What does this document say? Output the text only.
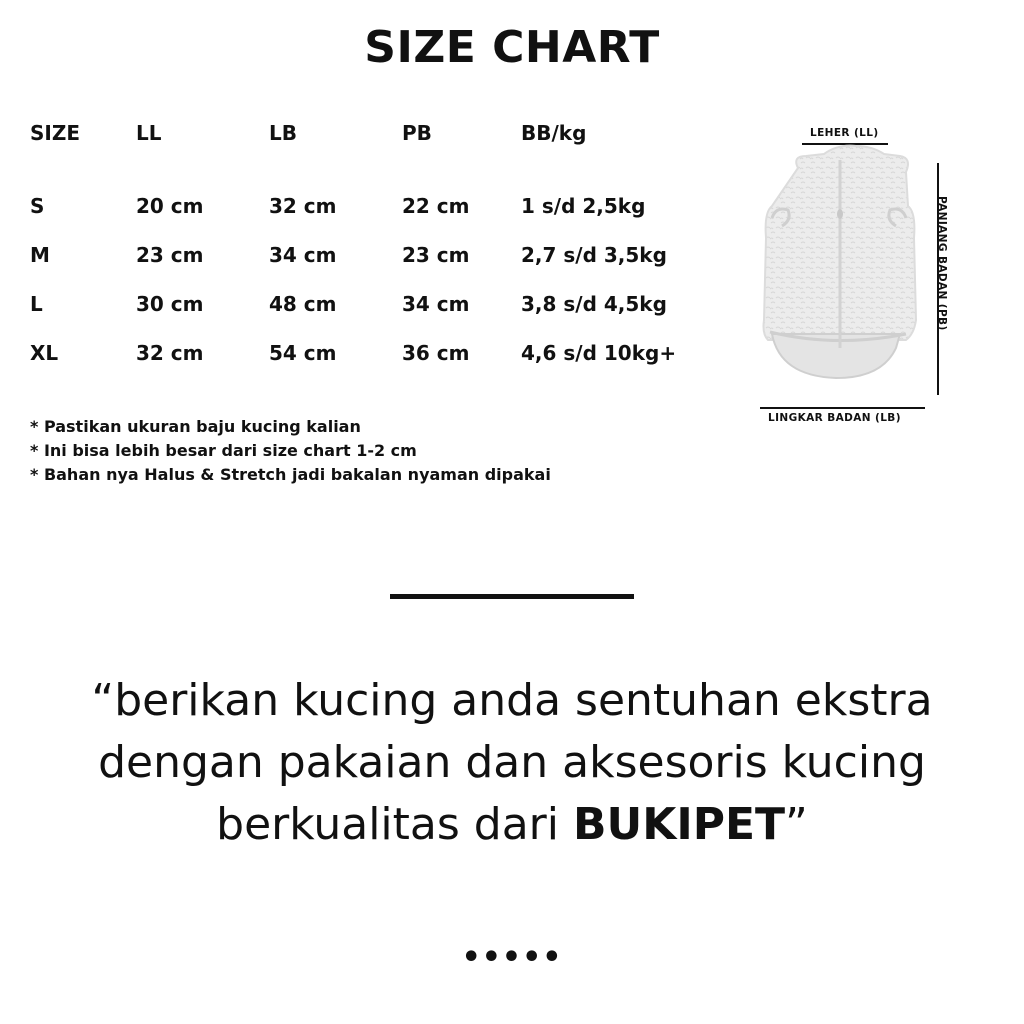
SIZE CHART
SIZE	LL	LB	PB	BB/kg
S	20 cm	32 cm	22 cm	1 s/d 2,5kg
M	23 cm	34 cm	23 cm	2,7 s/d 3,5kg
L	30 cm	48 cm	34 cm	3,8 s/d 4,5kg
XL	32 cm	54 cm	36 cm	4,6 s/d 10kg+
* Pastikan ukuran baju kucing kalian
* Ini bisa lebih besar dari size chart 1-2 cm
* Bahan nya Halus & Stretch jadi bakalan nyaman dipakai
LEHER (LL)
PANJANG BADAN (PB)
LINGKAR BADAN (LB)
“berikan kucing anda sentuhan ekstra
dengan pakaian dan aksesoris kucing
berkualitas dari BUKIPET”
•••••
